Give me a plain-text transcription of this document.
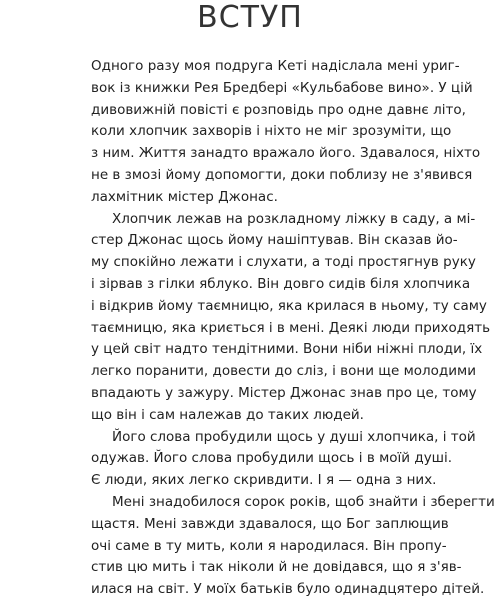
ВСТУП
Одного разу моя подруга Кеті надіслала мені уриг-
вок із книжки Рея Бредбері «Кульбабове вино». У цій
дивовижній повісті є розповідь про одне давнє літо,
коли хлопчик захворів і ніхто не міг зрозуміти, що
з ним. Життя занадто вражало його. Здавалося, ніхто
не в змозі йому допомогти, доки поблизу не з'явився
лахмітник містер Джонас.
Хлопчик лежав на розкладному ліжку в саду, а мі-
стер Джонас щось йому нашіптував. Він сказав йо-
му спокійно лежати і слухати, а тоді простягнув руку
і зірвав з гілки яблуко. Він довго сидів біля хлопчика
і відкрив йому таємницю, яка крилася в ньому, ту саму
таємницю, яка криється і в мені. Деякі люди приходять
у цей світ надто тендітними. Вони ніби ніжні плоди, їх
легко поранити, довести до сліз, і вони ще молодими
впадають у зажуру. Містер Джонас знав про це, тому
що він і сам належав до таких людей.
Його слова пробудили щось у душі хлопчика, і той
одужав. Його слова пробудили щось і в моїй душі.
Є люди, яких легко скривдити. І я — одна з них.
Мені знадобилося сорок років, щоб знайти і зберегти
щастя. Мені завжди здавалося, що Бог заплющив
очі саме в ту мить, коли я народилася. Він пропу-
стив цю мить і так ніколи й не довідався, що я з'яв-
илася на світ. У моїх батьків було одинадцятеро дітей.
